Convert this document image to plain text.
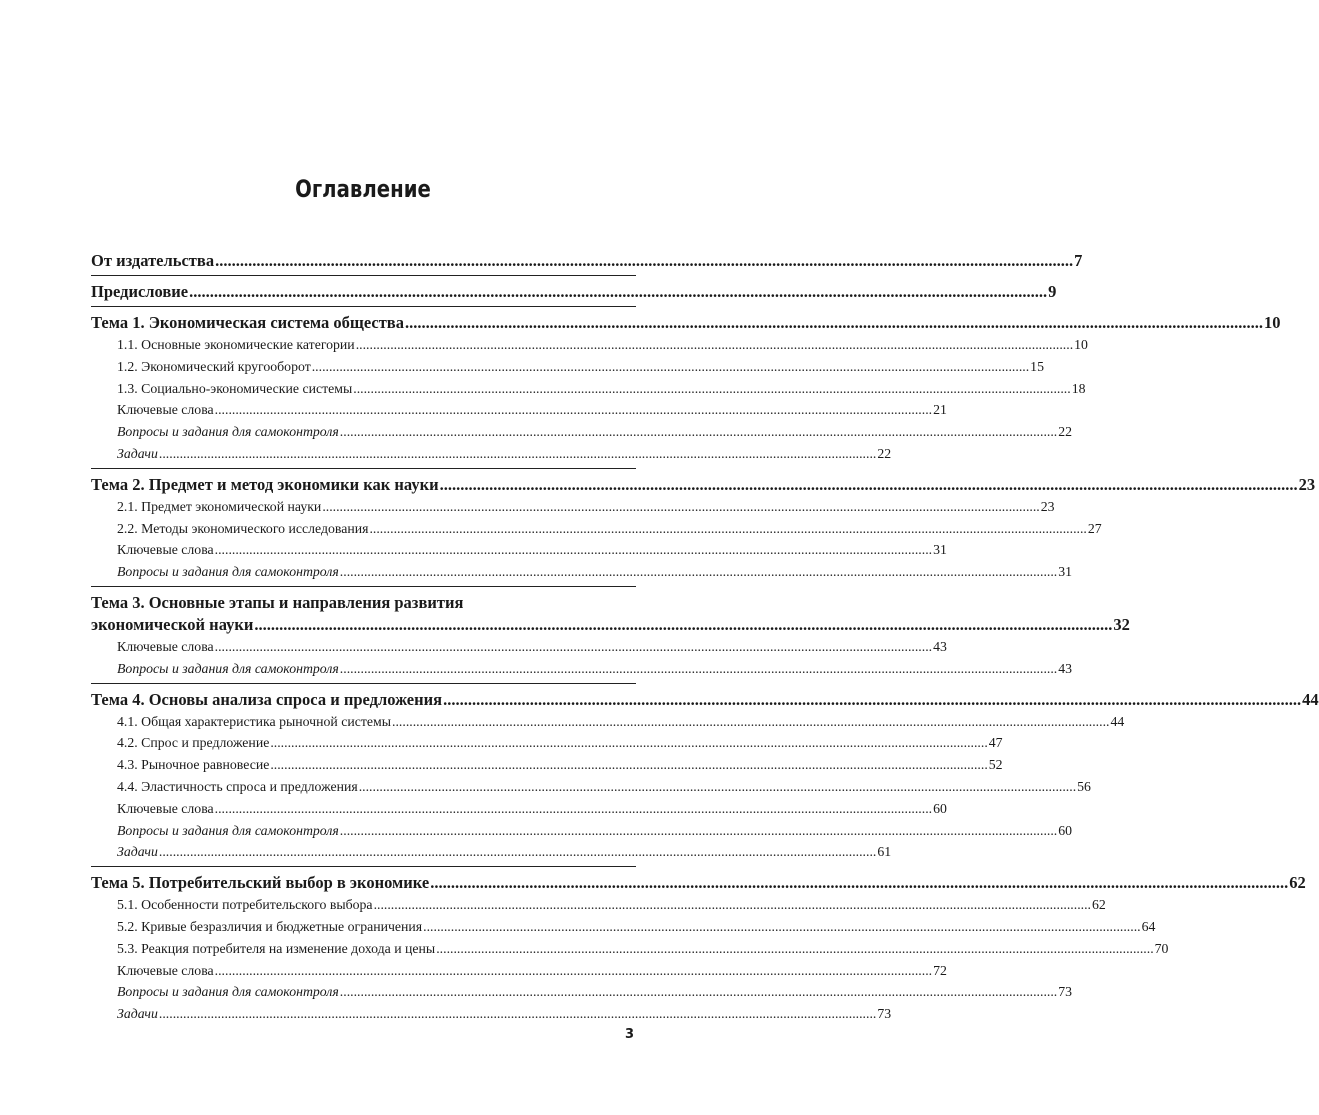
Оглавление
От издательства .....	7
Предисловие .....	9
Тема 1. Экономическая система общества .....	10
1.1. Основные экономические категории .....	10
1.2. Экономический кругооборот .....	15
1.3. Социально-экономические системы .....	18
Ключевые слова .....	21
Вопросы и задания для самоконтроля .....	22
Задачи .....	22
Тема 2. Предмет и метод экономики как науки .....	23
2.1. Предмет экономической науки .....	23
2.2. Методы экономического исследования .....	27
Ключевые слова .....	31
Вопросы и задания для самоконтроля .....	31
Тема 3. Основные этапы и направления развития
экономической науки .....	32
Ключевые слова .....	43
Вопросы и задания для самоконтроля .....	43
Тема 4. Основы анализа спроса и предложения .....	44
4.1. Общая характеристика рыночной системы .....	44
4.2. Спрос и предложение .....	47
4.3. Рыночное равновесие .....	52
4.4. Эластичность спроса и предложения .....	56
Ключевые слова .....	60
Вопросы и задания для самоконтроля .....	60
Задачи .....	61
Тема 5. Потребительский выбор в экономике .....	62
5.1. Особенности потребительского выбора .....	62
5.2. Кривые безразличия и бюджетные ограничения .....	64
5.3. Реакция потребителя на изменение дохода и цены .....	70
Ключевые слова .....	72
Вопросы и задания для самоконтроля .....	73
Задачи .....	73
3
